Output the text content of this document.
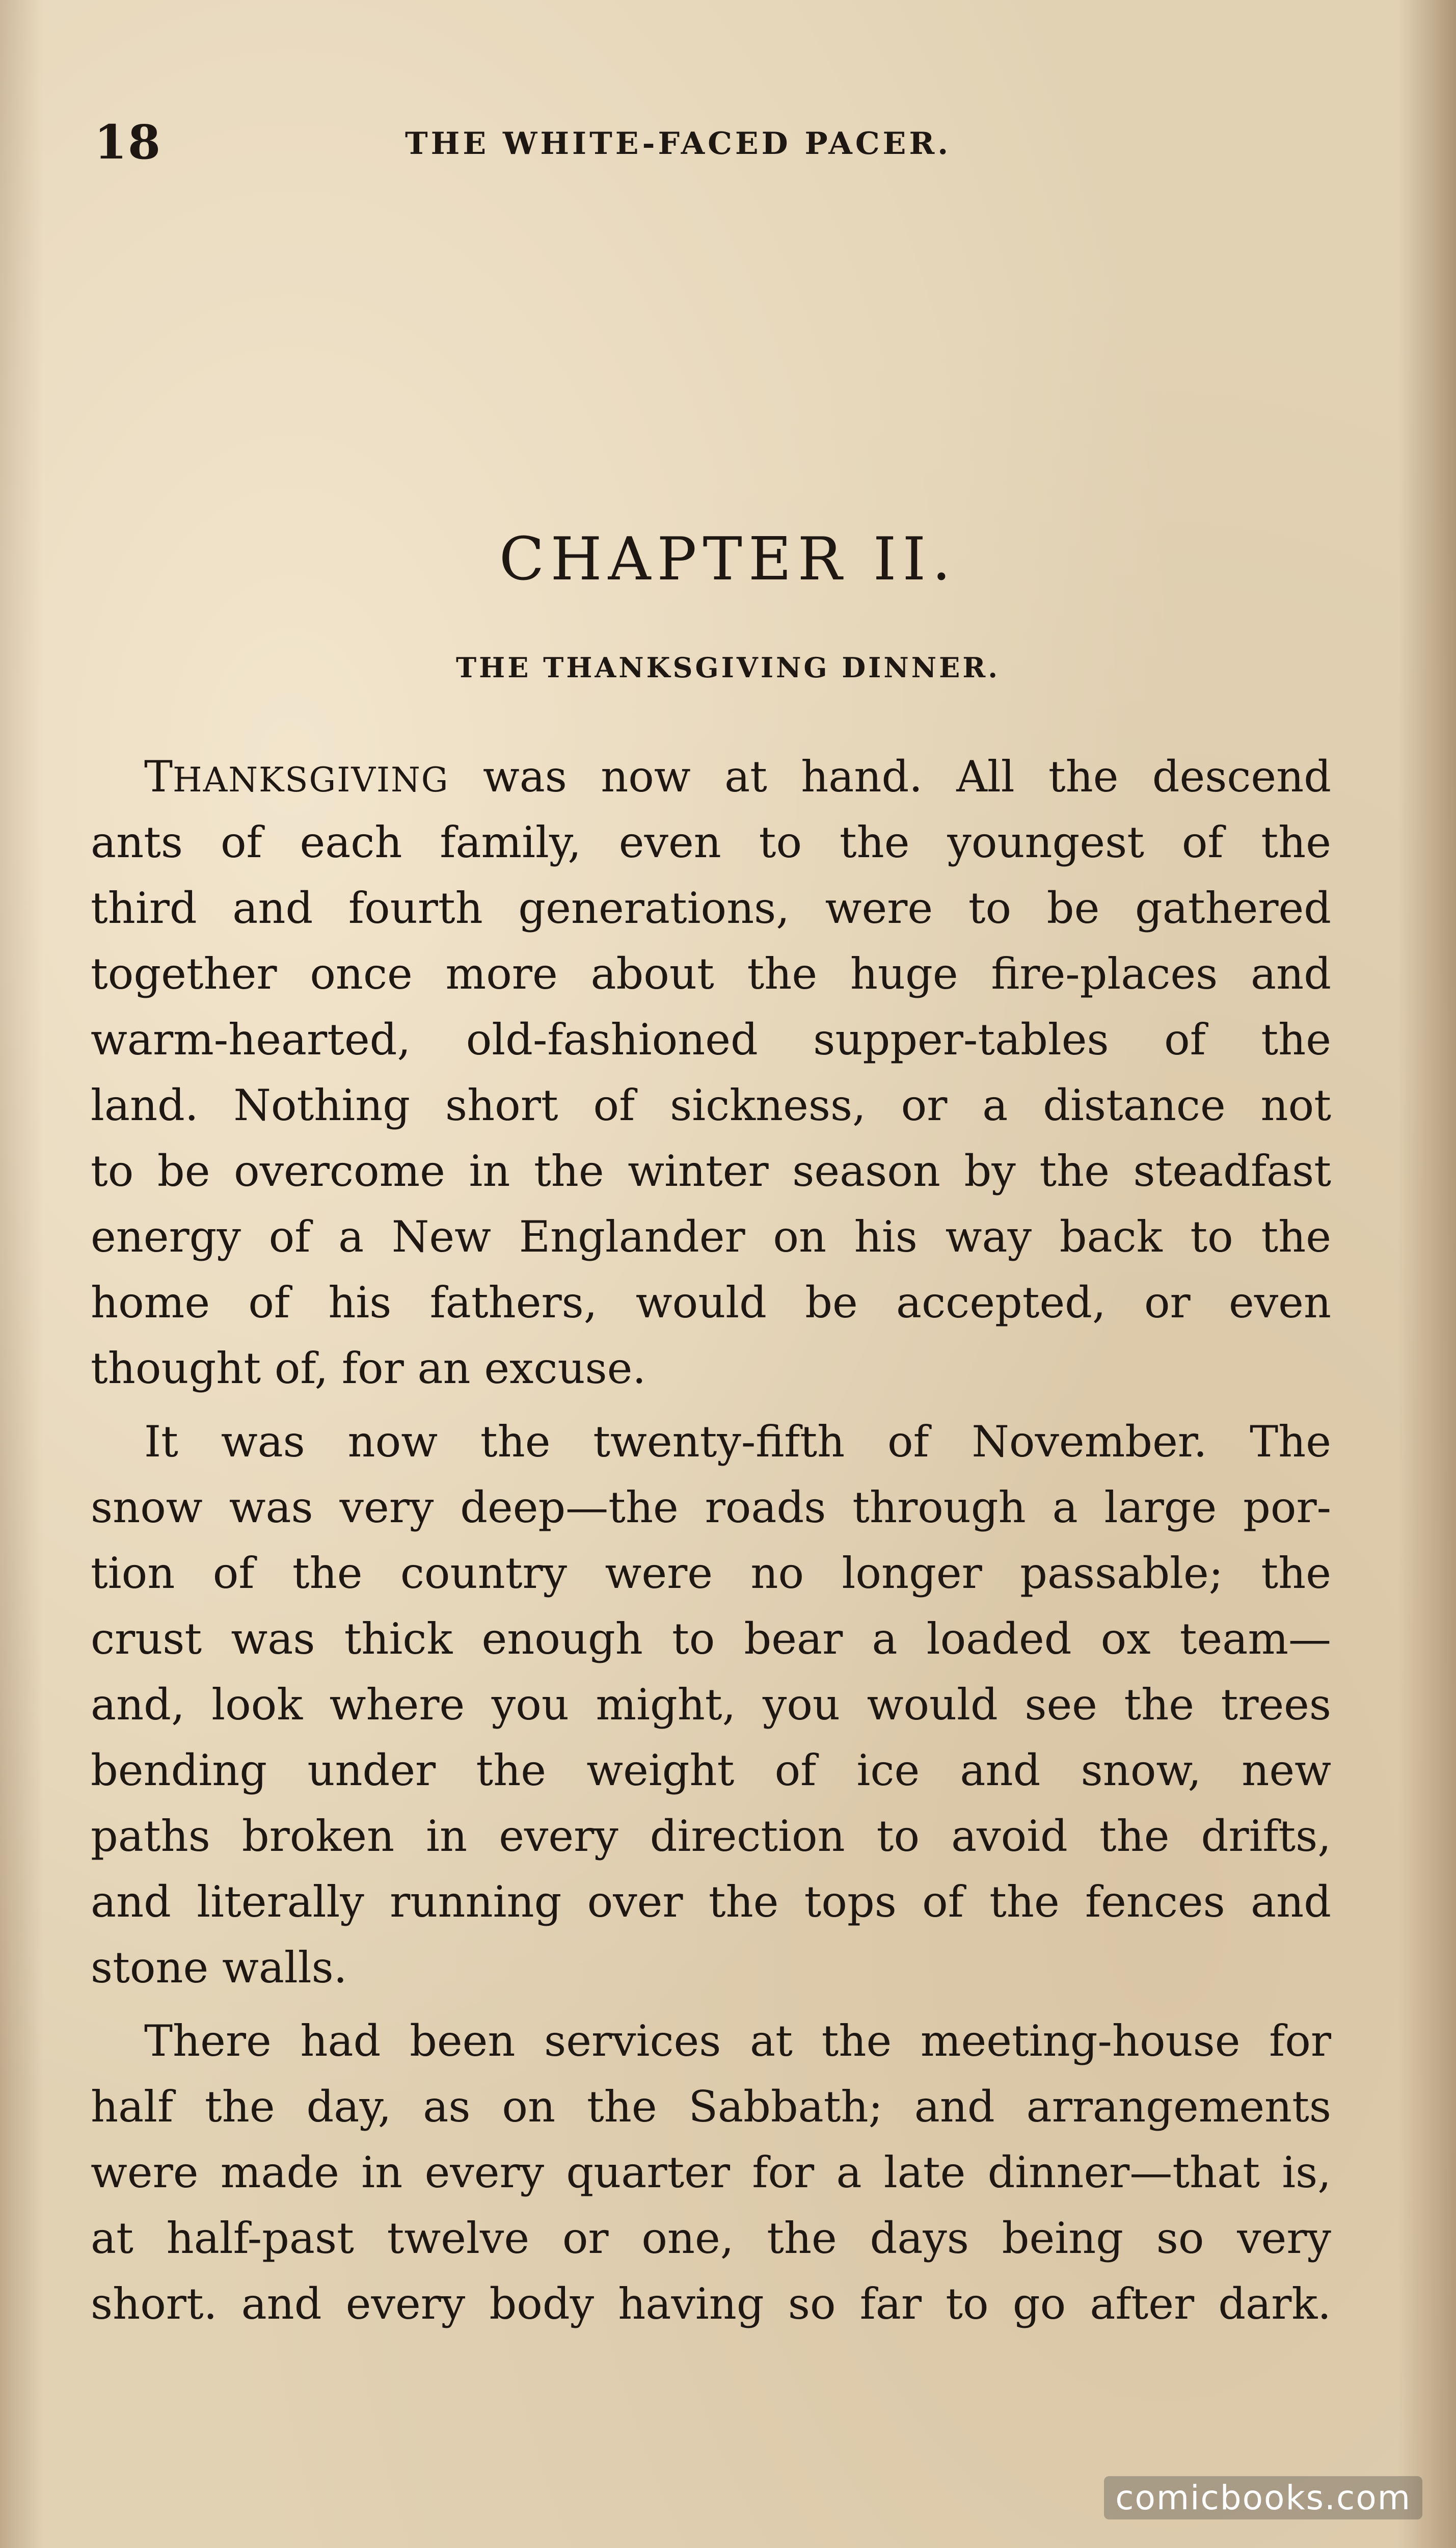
18	THE WHITE-FACED PACER.
CHAPTER II.
THE THANKSGIVING DINNER.
THANKSGIVING was now at hand. All the descend
ants of each family, even to the youngest of the
third and fourth generations, were to be gathered
together once more about the huge fire-places and
warm-hearted, old-fashioned supper-tables of the
land. Nothing short of sickness, or a distance not
to be overcome in the winter season by the steadfast
energy of a New Englander on his way back to the
home of his fathers, would be accepted, or even
thought of, for an excuse.
It was now the twenty-fifth of November. The
snow was very deep—the roads through a large por-
tion of the country were no longer passable; the
crust was thick enough to bear a loaded ox team—
and, look where you might, you would see the trees
bending under the weight of ice and snow, new
paths broken in every direction to avoid the drifts,
and literally running over the tops of the fences and
stone walls.
There had been services at the meeting-house for
half the day, as on the Sabbath; and arrangements
were made in every quarter for a late dinner—that is,
at half-past twelve or one, the days being so very
short. and every body having so far to go after dark.
comicbooks.com
